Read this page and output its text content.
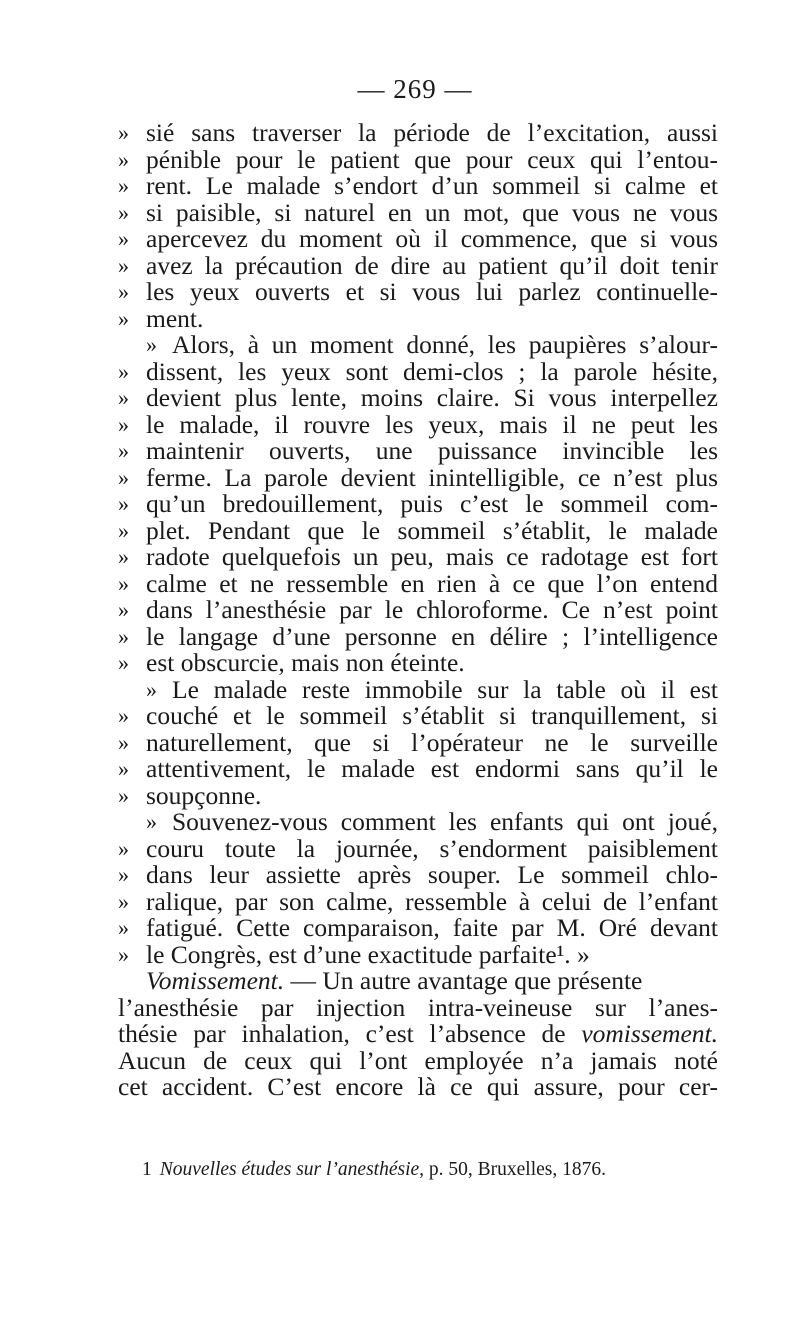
— 269 —
» sié sans traverser la période de l’excitation, aussi
» pénible pour le patient que pour ceux qui l’entou-
» rent. Le malade s’endort d’un sommeil si calme et
» si paisible, si naturel en un mot, que vous ne vous
» apercevez du moment où il commence, que si vous
» avez la précaution de dire au patient qu’il doit tenir
» les yeux ouverts et si vous lui parlez continuelle-
» ment.
» Alors, à un moment donné, les paupières s’alour-
» dissent, les yeux sont demi-clos ; la parole hésite,
» devient plus lente, moins claire. Si vous interpellez
» le malade, il rouvre les yeux, mais il ne peut les
» maintenir ouverts, une puissance invincible les
» ferme. La parole devient inintelligible, ce n’est plus
» qu’un bredouillement, puis c’est le sommeil com-
» plet. Pendant que le sommeil s’établit, le malade
» radote quelquefois un peu, mais ce radotage est fort
» calme et ne ressemble en rien à ce que l’on entend
» dans l’anesthésie par le chloroforme. Ce n’est point
» le langage d’une personne en délire ; l’intelligence
» est obscurcie, mais non éteinte.
» Le malade reste immobile sur la table où il est
» couché et le sommeil s’établit si tranquillement, si
» naturellement, que si l’opérateur ne le surveille
» attentivement, le malade est endormi sans qu’il le
» soupçonne.
» Souvenez-vous comment les enfants qui ont joué,
» couru toute la journée, s’endorment paisiblement
» dans leur assiette après souper. Le sommeil chlo-
» ralique, par son calme, ressemble à celui de l’enfant
» fatigué. Cette comparaison, faite par M. Oré devant
» le Congrès, est d’une exactitude parfaite¹. »
Vomissement. — Un autre avantage que présente
l’anesthésie par injection intra-veineuse sur l’anes-
thésie par inhalation, c’est l’absence de vomissement.
Aucun de ceux qui l’ont employée n’a jamais noté
cet accident. C’est encore là ce qui assure, pour cer-
1 Nouvelles études sur l’anesthésie, p. 50, Bruxelles, 1876.
